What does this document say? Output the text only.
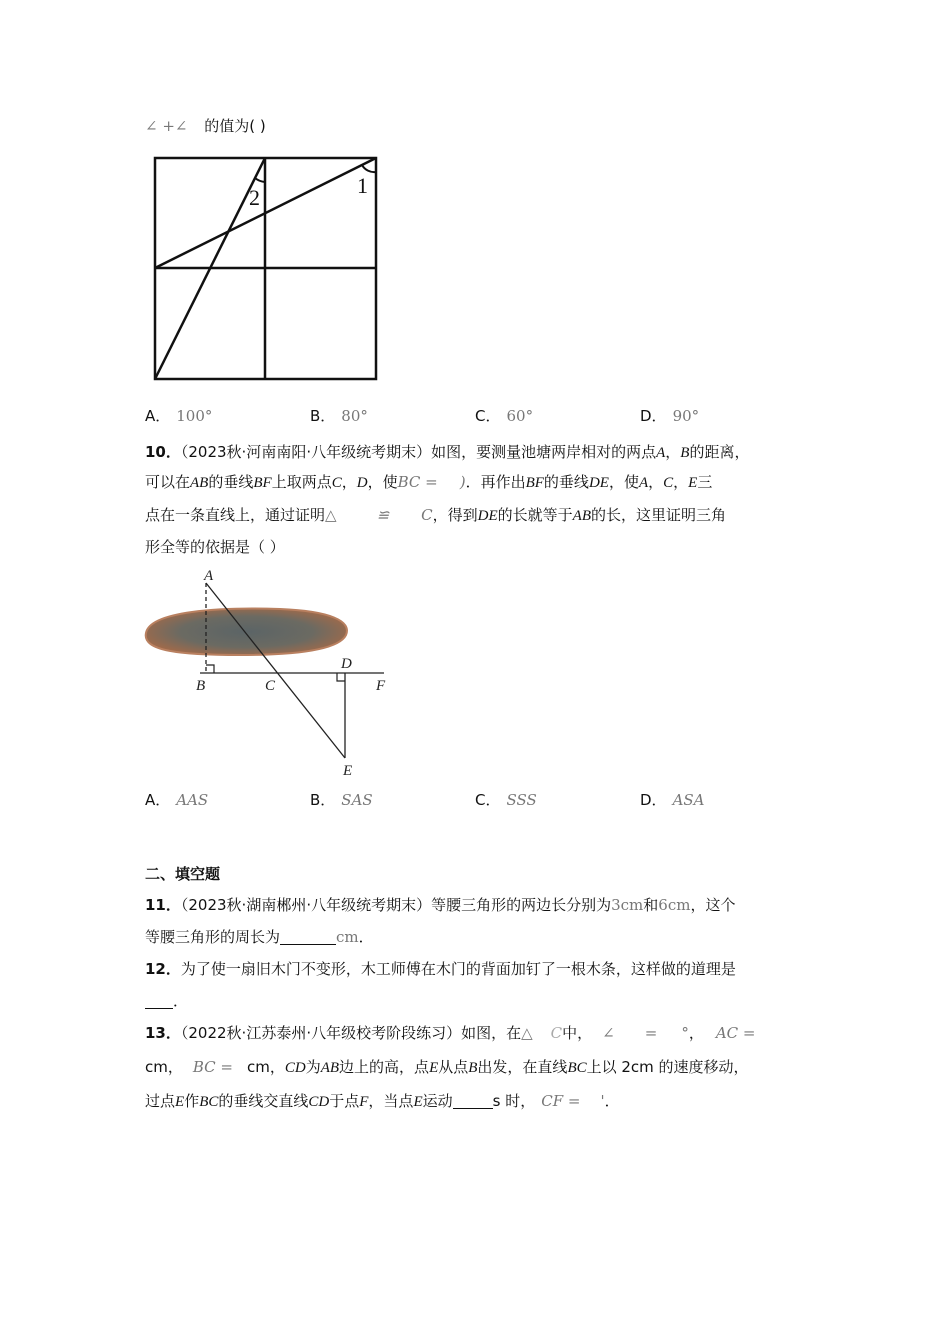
∠ +∠ 的值为( )
2	1
A． 100°	B． 80°	C． 60°	D． 90°
10．（2023秋·河南南阳·八年级统考期末）如图，要测量池塘两岸相对的两点A，B的距离，
可以在AB的垂线BF上取两点C，D，使BC = )．再作出BF的垂线DE，使A，C，E三
点在一条直线上，通过证明△	≌ C，得到DE的长就等于AB的长，这里证明三角
形全等的依据是（ ）
A
B	C
D
F
E
A． AAS	B． SAS	C． SSS	D． ASA
二、填空题
11．（2023秋·湖南郴州·八年级统考期末）等腰三角形的两边长分别为3cm和6cm，这个
等腰三角形的周长为	cm．
12．为了使一扇旧木门不变形，木工师傅在木门的背面加钉了一根木条，这样做的道理是
．
13．（2022秋·江苏泰州·八年级校考阶段练习）如图，在△ C中， ∠ = °， AC =
cm， BC = cm，CD为AB边上的高，点E从点B出发，在直线BC上以 2cm 的速度移动，
过点E作BC的垂线交直线CD于点F，当点E运动	s 时， CF = '．
